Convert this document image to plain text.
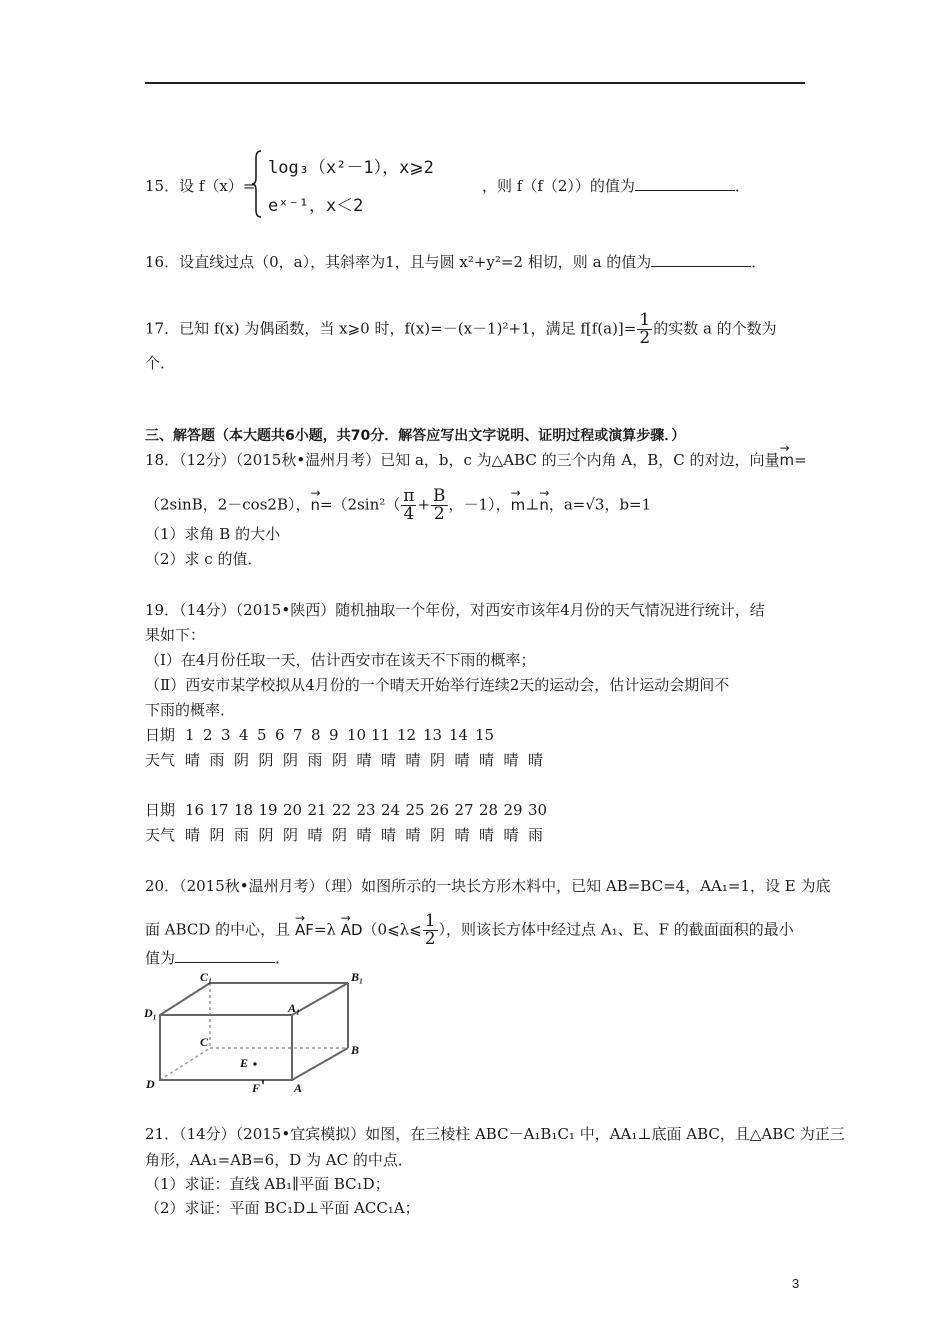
15．设 f（x）=
log₃（x²－1），x⩾2
eˣ⁻¹，x＜2
，则 f（f（2））的值为	．
16．设直线过点（0，a），其斜率为1，且与圆 x²+y²=2 相切，则 a 的值为	．
17．已知 f(x) 为偶函数，当 x⩾0 时，f(x)=－(x－1)²+1，满足 $f[f(a)]= \frac{1}{2}$ 的实数 a 的个数为
个．
三、解答题（本大题共6小题，共70分．解答应写出文字说明、证明过程或演算步骤．）
18．（12分）（2015秋•温州月考）已知 a，b，c 为△ABC 的三个内角 A，B，C 的对边，向量→ m=
（2sinB，2－cos2B），→ $n=(2\sin^2( \frac{\pi}{4} + \frac{B}{2}$ ，－1），→ m⊥→ n，a=√3，b=1
（1）求角 B 的大小
（2）求 c 的值．
19．（14分）（2015•陕西）随机抽取一个年份，对西安市该年4月份的天气情况进行统计，结
果如下：
（Ⅰ）在4月份任取一天，估计西安市在该天不下雨的概率；
（Ⅱ）西安市某学校拟从4月份的一个晴天开始举行连续2天的运动会，估计运动会期间不
下雨的概率．
日期 1 2 3 4 5 6 7 8 9 10 11 12 13 14 15
天气 晴 雨 阴 阴 阴 雨 阴 晴 晴 晴 阴 晴 晴 晴 晴
日期 16 17 18 19 20 21 22 23 24 25 26 27 28 29 30
天气 晴 阴 雨 阴 阴 晴 阴 晴 晴 晴 阴 晴 晴 晴 雨
20．（2015秋•温州月考）（理）如图所示的一块长方形木料中，已知 AB=BC=4，AA₁=1，设 E 为底
面 ABCD 的中心，且 → AF=λ → AD（0⩽λ⩽ $\frac{1}{2}$ ），则该长方体中经过点 A₁、E、F 的截面面积的最小
值为	．
C₁	B₁
D₁	A₁
C
B
D	A
E
F
21．（14分）（2015•宜宾模拟）如图，在三棱柱 ABC－A₁B₁C₁ 中，AA₁⊥底面 ABC，且△ABC 为正三
角形，AA₁=AB=6，D 为 AC 的中点．
（1）求证：直线 AB₁∥平面 BC₁D；
（2）求证：平面 BC₁D⊥平面 ACC₁A；
3
